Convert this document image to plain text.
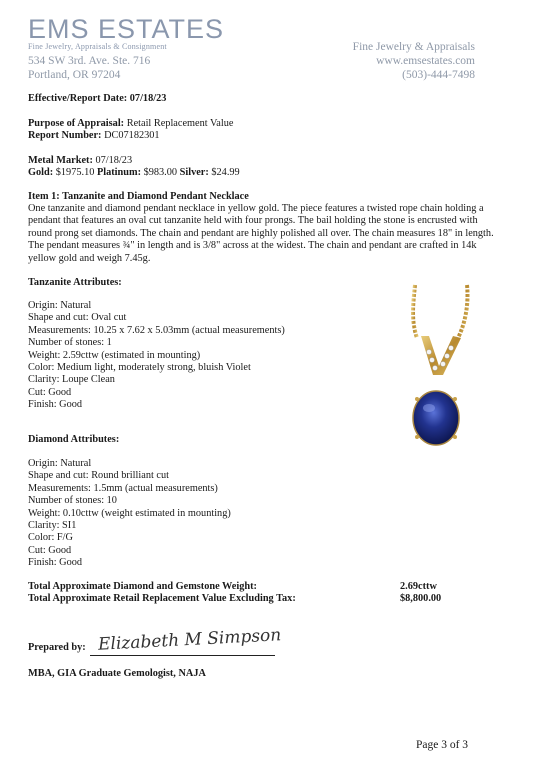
EMS ESTATES
Fine Jewelry, Appraisals & Consignment
534 SW 3rd. Ave. Ste. 716
Portland, OR 97204
Fine Jewelry & Appraisals
www.emsestates.com
(503)-444-7498
Effective/Report Date: 07/18/23
Purpose of Appraisal: Retail Replacement Value
Report Number: DC07182301
Metal Market: 07/18/23
Gold: $1975.10 Platinum: $983.00 Silver: $24.99
Item 1: Tanzanite and Diamond Pendant Necklace
One tanzanite and diamond pendant necklace in yellow gold. The piece features a twisted rope chain holding a pendant that features an oval cut tanzanite held with four prongs. The bail holding the stone is encrusted with round prong set diamonds. The chain and pendant are highly polished all over. The chain measures 18" in length. The pendant measures ¾" in length and is 3/8" across at the widest. The chain and pendant are crafted in 14k yellow gold and weigh 7.45g.
Tanzanite Attributes:
Origin: Natural
Shape and cut: Oval cut
Measurements: 10.25 x 7.62 x 5.03mm (actual measurements)
Number of stones: 1
Weight: 2.59cttw (estimated in mounting)
Color: Medium light, moderately strong, bluish Violet
Clarity: Loupe Clean
Cut: Good
Finish: Good
Diamond Attributes:
Origin: Natural
Shape and cut: Round brilliant cut
Measurements: 1.5mm (actual measurements)
Number of stones: 10
Weight: 0.10cttw (weight estimated in mounting)
Clarity: SI1
Color: F/G
Cut: Good
Finish: Good
Total Approximate Diamond and Gemstone Weight:	2.69cttw
Total Approximate Retail Replacement Value Excluding Tax:	$8,800.00
Prepared by: Elizabeth M Simpson
MBA, GIA Graduate Gemologist, NAJA
Page 3 of 3
